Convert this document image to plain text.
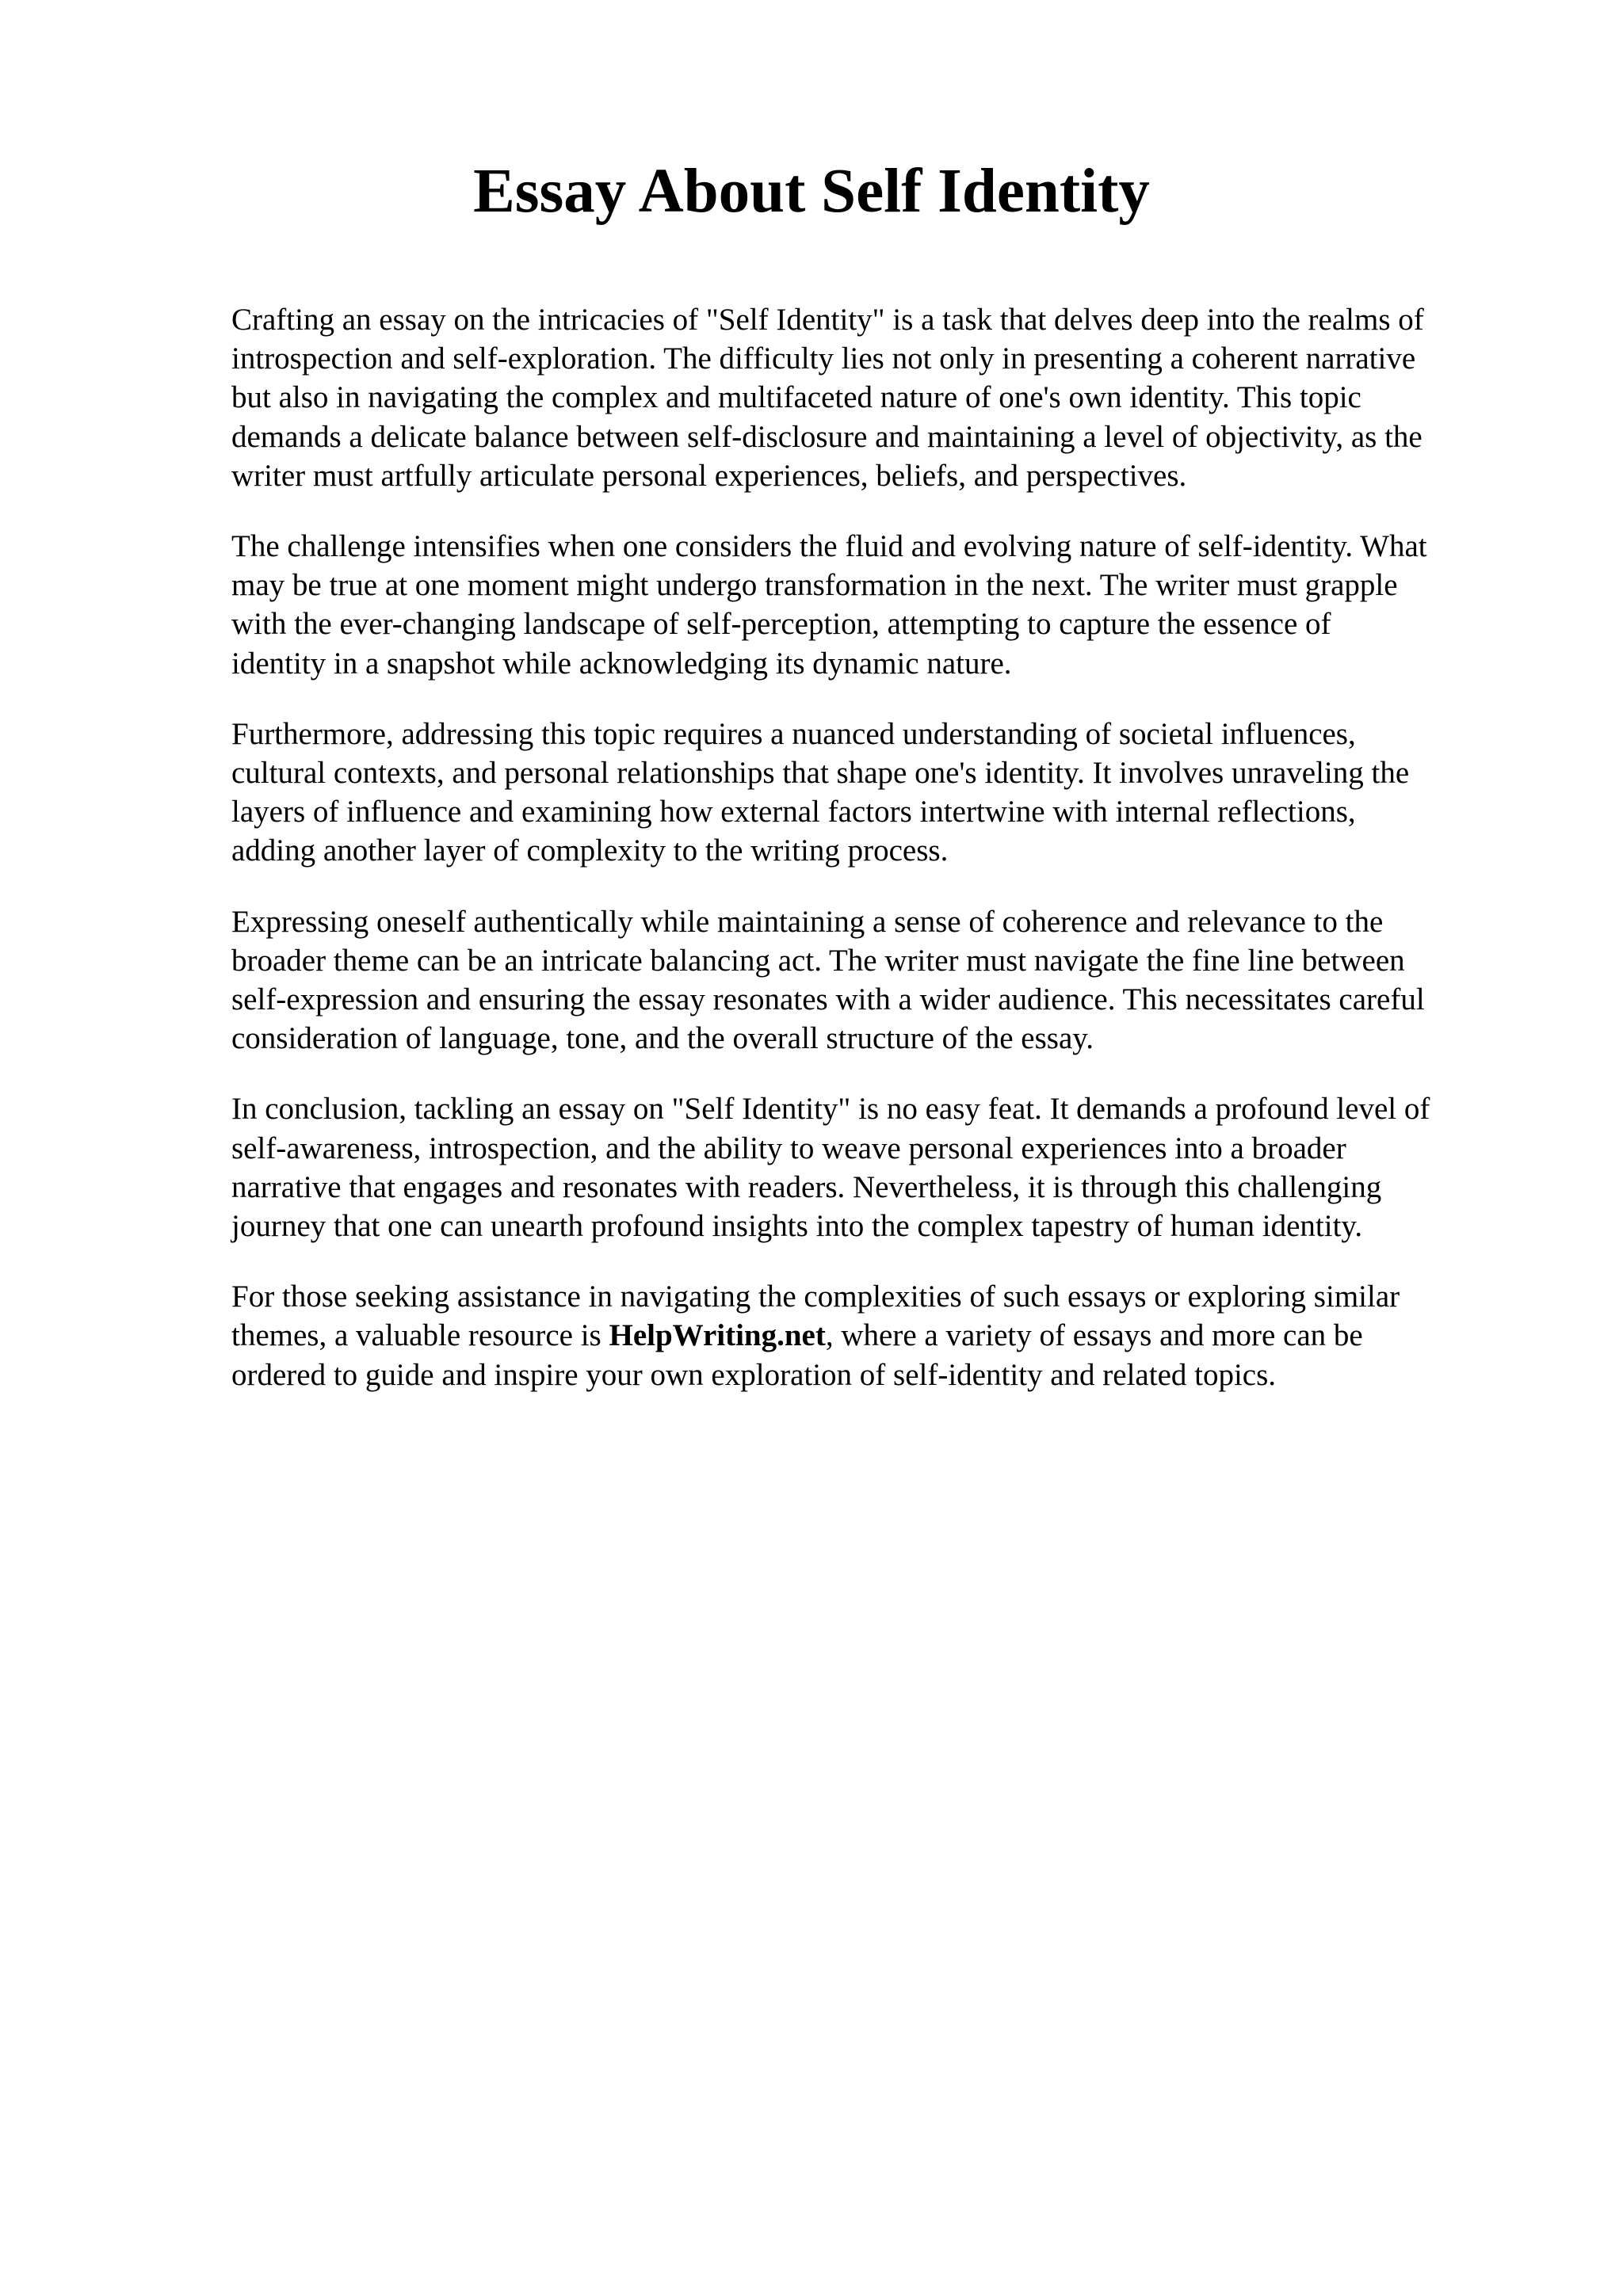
Essay About Self Identity

Crafting an essay on the intricacies of "Self Identity" is a task that delves deep into the realms of
introspection and self-exploration. The difficulty lies not only in presenting a coherent narrative
but also in navigating the complex and multifaceted nature of one's own identity. This topic
demands a delicate balance between self-disclosure and maintaining a level of objectivity, as the
writer must artfully articulate personal experiences, beliefs, and perspectives.

The challenge intensifies when one considers the fluid and evolving nature of self-identity. What
may be true at one moment might undergo transformation in the next. The writer must grapple
with the ever-changing landscape of self-perception, attempting to capture the essence of
identity in a snapshot while acknowledging its dynamic nature.

Furthermore, addressing this topic requires a nuanced understanding of societal influences,
cultural contexts, and personal relationships that shape one's identity. It involves unraveling the
layers of influence and examining how external factors intertwine with internal reflections,
adding another layer of complexity to the writing process.

Expressing oneself authentically while maintaining a sense of coherence and relevance to the
broader theme can be an intricate balancing act. The writer must navigate the fine line between
self-expression and ensuring the essay resonates with a wider audience. This necessitates careful
consideration of language, tone, and the overall structure of the essay.

In conclusion, tackling an essay on "Self Identity" is no easy feat. It demands a profound level of
self-awareness, introspection, and the ability to weave personal experiences into a broader
narrative that engages and resonates with readers. Nevertheless, it is through this challenging
journey that one can unearth profound insights into the complex tapestry of human identity.

For those seeking assistance in navigating the complexities of such essays or exploring similar
themes, a valuable resource is HelpWriting.net, where a variety of essays and more can be
ordered to guide and inspire your own exploration of self-identity and related topics.
